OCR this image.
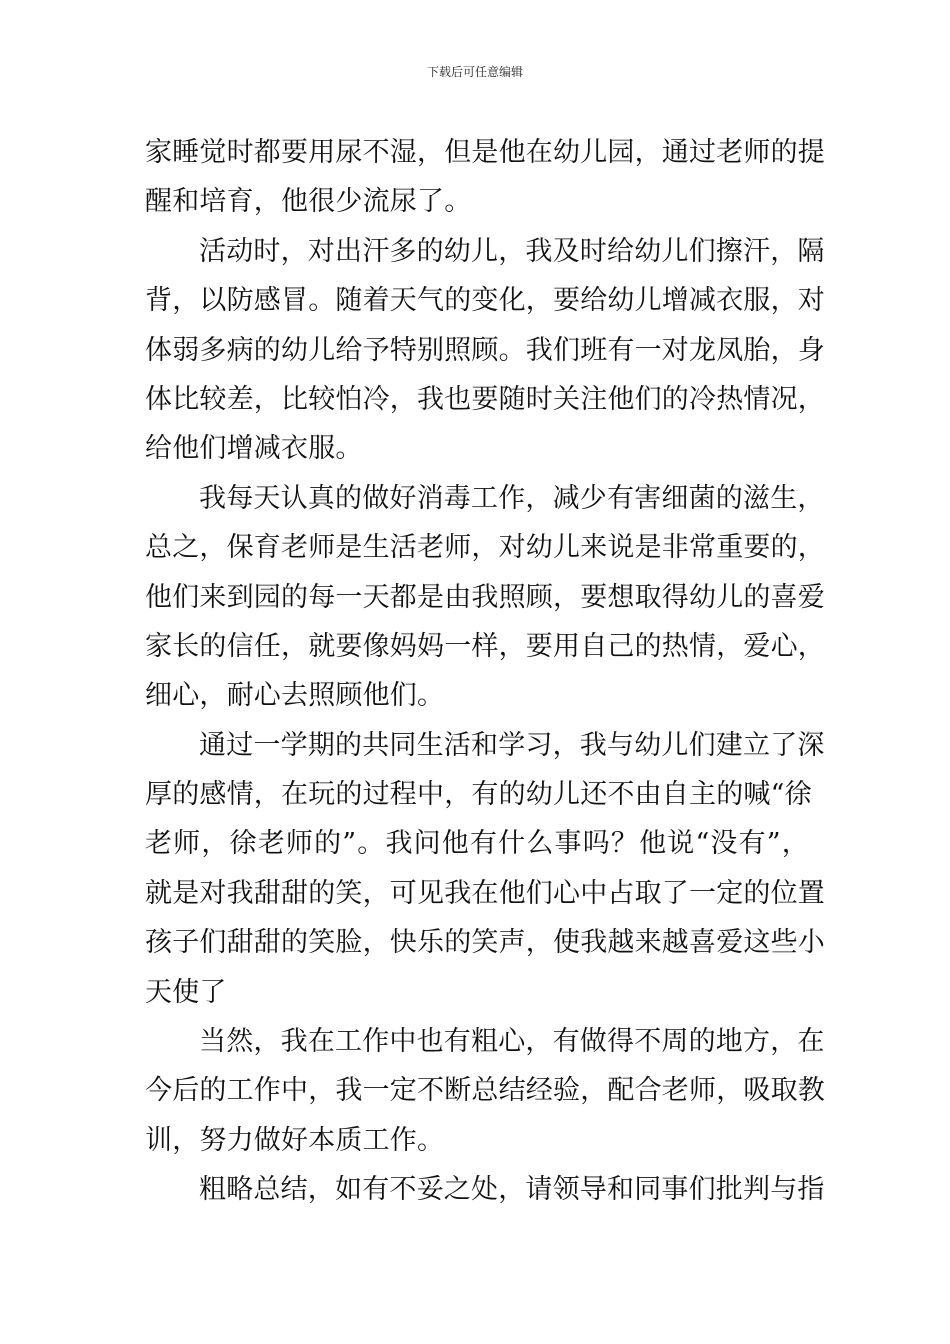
下载后可任意编辑
家睡觉时都要用尿不湿，但是他在幼儿园，通过老师的提
醒和培育，他很少流尿了。
活动时，对出汗多的幼儿，我及时给幼儿们擦汗，隔
背，以防感冒。随着天气的变化，要给幼儿增减衣服，对
体弱多病的幼儿给予特别照顾。我们班有一对龙凤胎，身
体比较差，比较怕冷，我也要随时关注他们的冷热情况，
给他们增减衣服。
我每天认真的做好消毒工作，减少有害细菌的滋生，
总之，保育老师是生活老师，对幼儿来说是非常重要的，
他们来到园的每一天都是由我照顾，要想取得幼儿的喜爱
家长的信任，就要像妈妈一样，要用自己的热情，爱心，
细心，耐心去照顾他们。
通过一学期的共同生活和学习，我与幼儿们建立了深
厚的感情，在玩的过程中，有的幼儿还不由自主的喊“徐
老师，徐老师的”。我问他有什么事吗？他说“没有”，
就是对我甜甜的笑，可见我在他们心中占取了一定的位置
孩子们甜甜的笑脸，快乐的笑声，使我越来越喜爱这些小
天使了
当然，我在工作中也有粗心，有做得不周的地方，在
今后的工作中，我一定不断总结经验，配合老师，吸取教
训，努力做好本质工作。
粗略总结，如有不妥之处，请领导和同事们批判与指
